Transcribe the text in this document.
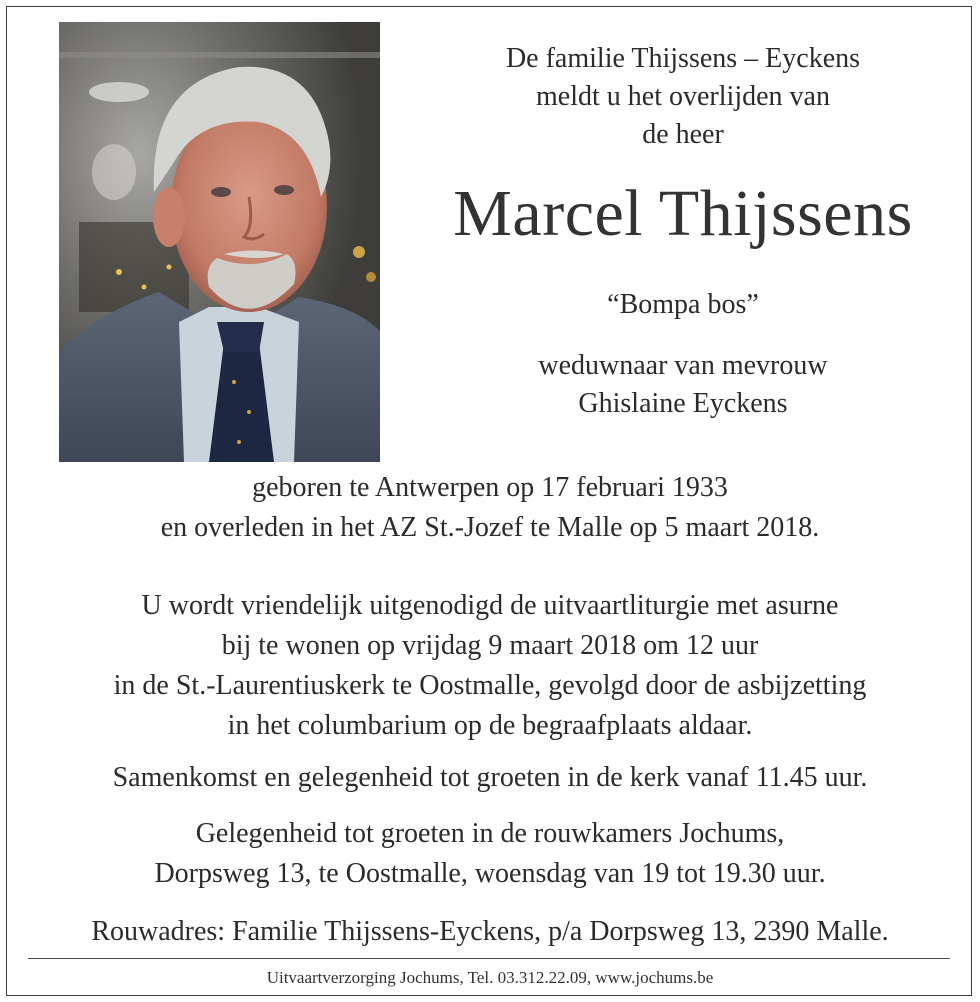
De familie Thijssens – Eyckens
meldt u het overlijden van
de heer
Marcel Thijssens
“Bompa bos”
weduwnaar van mevrouw
Ghislaine Eyckens
geboren te Antwerpen op 17 februari 1933
en overleden in het AZ St.-Jozef te Malle op 5 maart 2018.
U wordt vriendelijk uitgenodigd de uitvaartliturgie met asurne
bij te wonen op vrijdag 9 maart 2018 om 12 uur
in de St.-Laurentiuskerk te Oostmalle, gevolgd door de asbijzetting
in het columbarium op de begraafplaats aldaar.
Samenkomst en gelegenheid tot groeten in de kerk vanaf 11.45 uur.
Gelegenheid tot groeten in de rouwkamers Jochums,
Dorpsweg 13, te Oostmalle, woensdag van 19 tot 19.30 uur.
Rouwadres: Familie Thijssens-Eyckens, p/a Dorpsweg 13, 2390 Malle.
Uitvaartverzorging Jochums, Tel. 03.312.22.09, www.jochums.be
